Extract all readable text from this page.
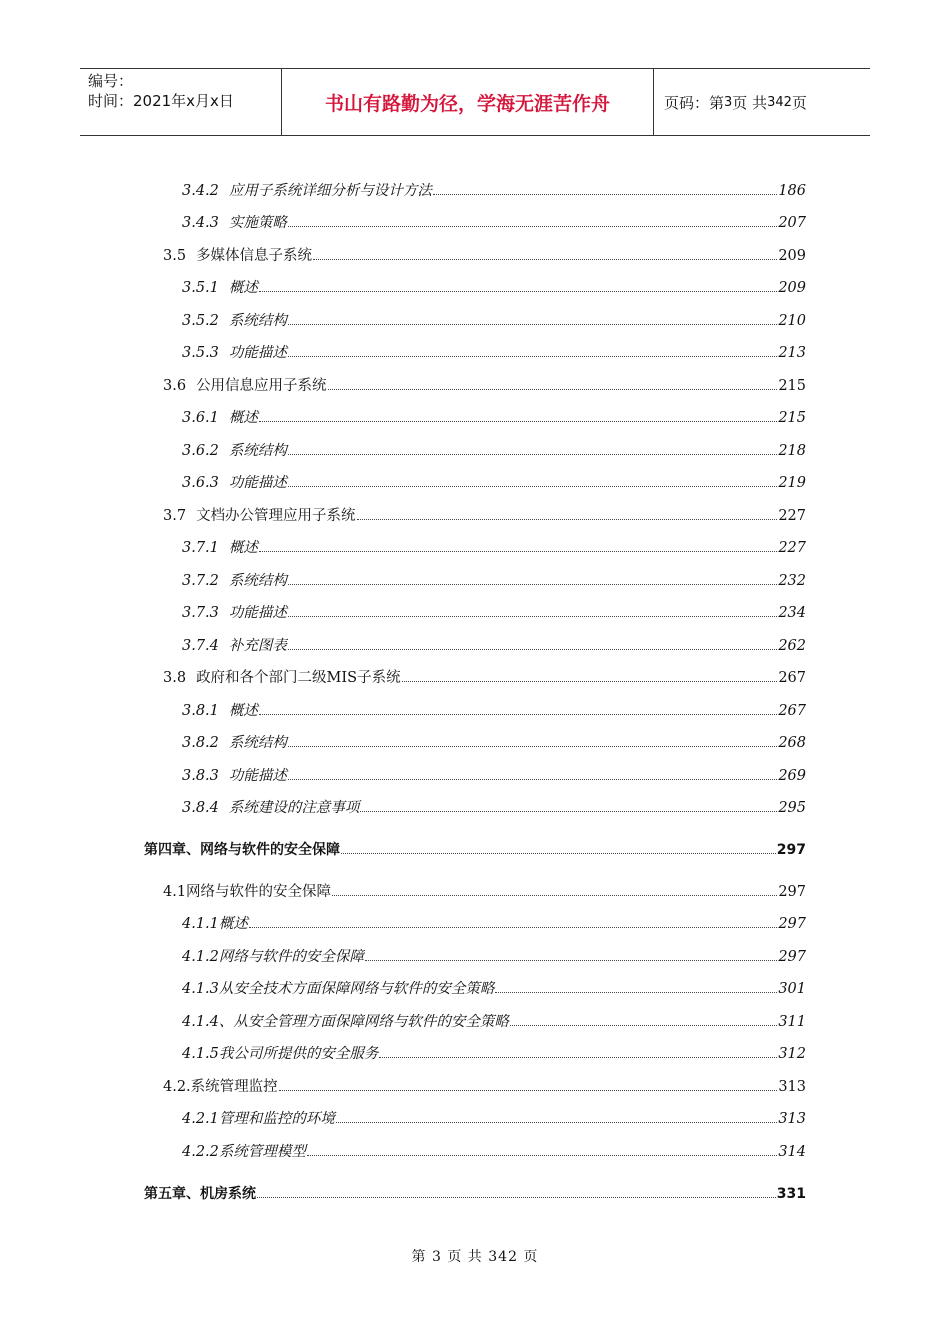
编号：
时间：2021年x月x日	书山有路勤为径，学海无涯苦作舟	页码：第 3 页 共 342 页
3.4.2 应用子系统详细分析与设计方法	186
3.4.3 实施策略	207
3.5 多媒体信息子系统	209
3.5.1 概述	209
3.5.2 系统结构	210
3.5.3 功能描述	213
3.6 公用信息应用子系统	215
3.6.1 概述	215
3.6.2 系统结构	218
3.6.3 功能描述	219
3.7 文档办公管理应用子系统	227
3.7.1 概述	227
3.7.2 系统结构	232
3.7.3 功能描述	234
3.7.4 补充图表	262
3.8 政府和各个部门二级MIS子系统	267
3.8.1 概述	267
3.8.2 系统结构	268
3.8.3 功能描述	269
3.8.4 系统建设的注意事项	295
第四章、网络与软件的安全保障	297
4.1网络与软件的安全保障	297
4.1.1概述	297
4.1.2网络与软件的安全保障	297
4.1.3从安全技术方面保障网络与软件的安全策略	301
4.1.4、从安全管理方面保障网络与软件的安全策略	311
4.1.5我公司所提供的安全服务	312
4.2.系统管理监控	313
4.2.1管理和监控的环境	313
4.2.2系统管理模型	314
第五章、机房系统	331
第 3 页 共 342 页
